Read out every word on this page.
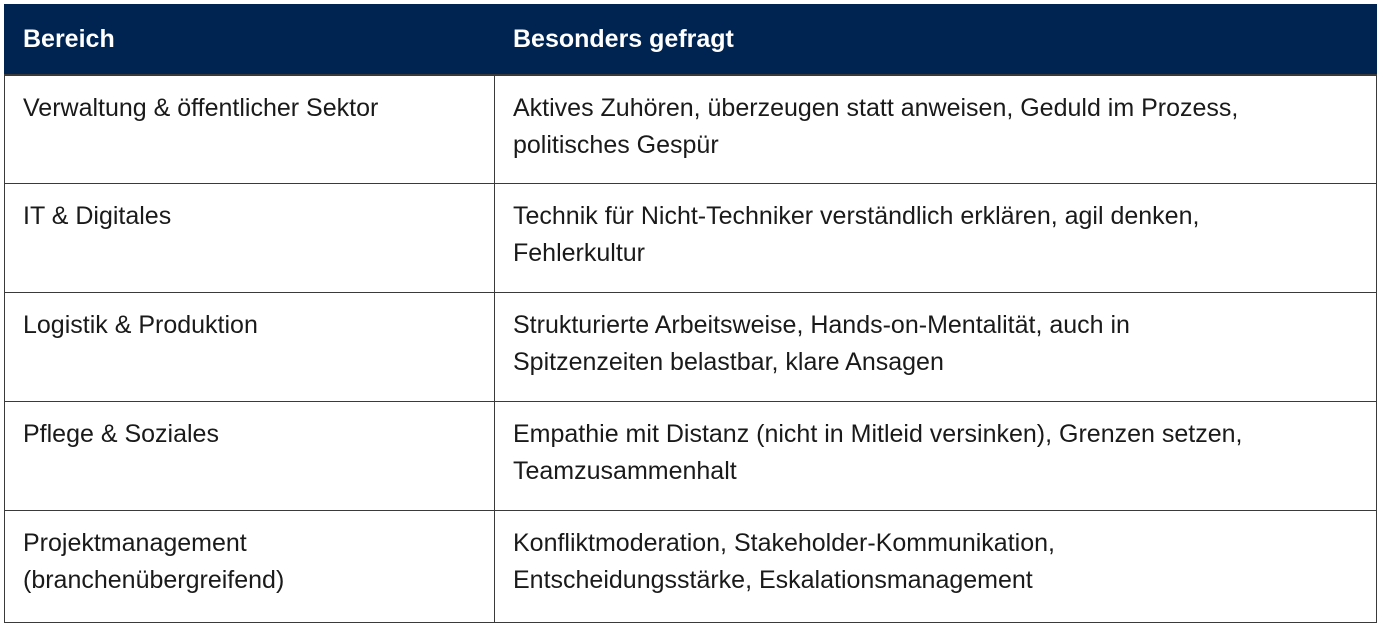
Bereich	Besonders gefragt

Verwaltung & öffentlicher Sektor	Aktives Zuhören, überzeugen statt anweisen, Geduld im Prozess,
politisches Gespür

IT & Digitales	Technik für Nicht-Techniker verständlich erklären, agil denken,
Fehlerkultur

Logistik & Produktion	Strukturierte Arbeitsweise, Hands-on-Mentalität, auch in
Spitzenzeiten belastbar, klare Ansagen

Pflege & Soziales	Empathie mit Distanz (nicht in Mitleid versinken), Grenzen setzen,
Teamzusammenhalt

Projektmanagement
(branchenübergreifend)	Konfliktmoderation, Stakeholder-Kommunikation,
Entscheidungsstärke, Eskalationsmanagement
